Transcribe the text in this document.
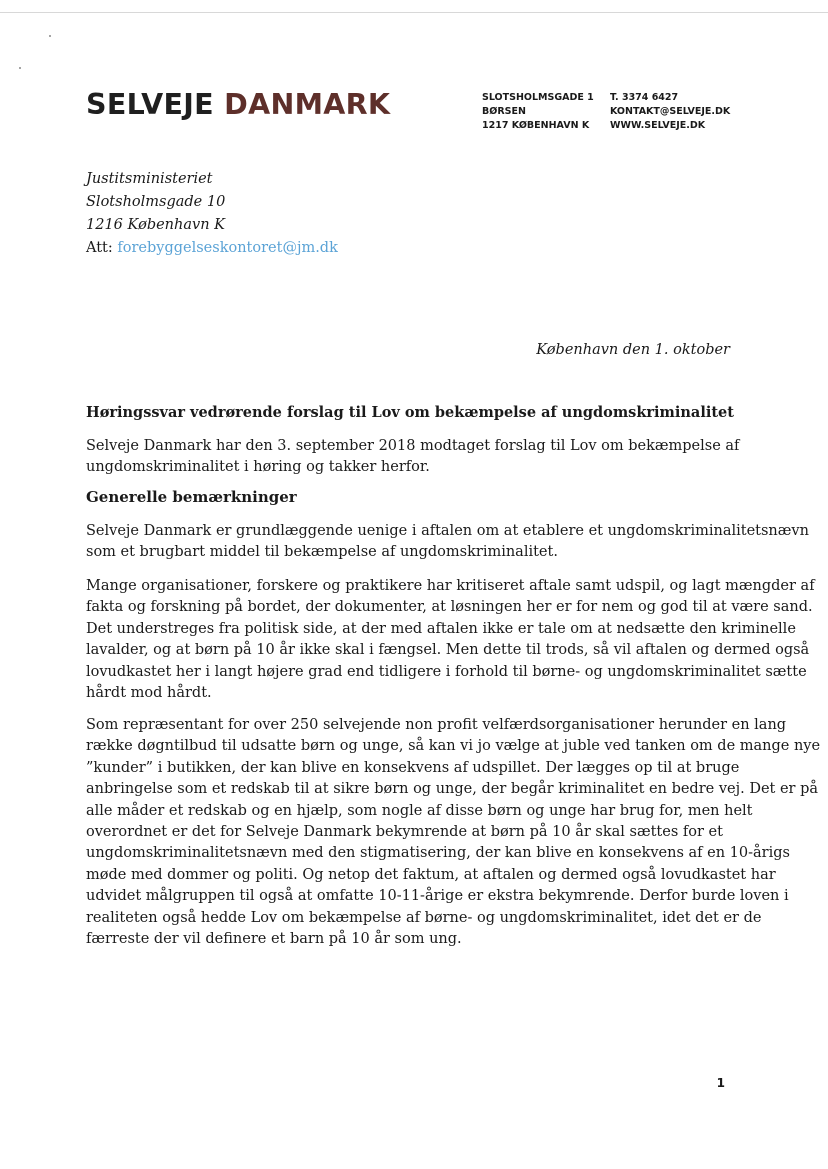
SELVEJE DANMARK	SLOTSHOLMSGADE 1
BØRSEN
1217 KØBENHAVN K
T. 3374 6427
KONTAKT@SELVEJE.DK
WWW.SELVEJE.DK
Justitsministeriet
Slotsholmsgade 10
1216 København K
Att: forebyggelseskontoret@jm.dk
København den 1. oktober
Høringssvar vedrørende forslag til Lov om bekæmpelse af ungdomskriminalitet
Selveje Danmark har den 3. september 2018 modtaget forslag til Lov om bekæmpelse af
ungdomskriminalitet i høring og takker herfor.
Generelle bemærkninger
Selveje Danmark er grundlæggende uenige i aftalen om at etablere et ungdomskriminalitetsnævn
som et brugbart middel til bekæmpelse af ungdomskriminalitet.
Mange organisationer, forskere og praktikere har kritiseret aftale samt udspil, og lagt mængder af
fakta og forskning på bordet, der dokumenter, at løsningen her er for nem og god til at være sand.
Det understreges fra politisk side, at der med aftalen ikke er tale om at nedsætte den kriminelle
lavalder, og at børn på 10 år ikke skal i fængsel. Men dette til trods, så vil aftalen og dermed også
lovudkastet her i langt højere grad end tidligere i forhold til børne- og ungdomskriminalitet sætte
hårdt mod hårdt.
Som repræsentant for over 250 selvejende non profit velfærdsorganisationer herunder en lang
række døgntilbud til udsatte børn og unge, så kan vi jo vælge at juble ved tanken om de mange nye
”kunder” i butikken, der kan blive en konsekvens af udspillet. Der lægges op til at bruge
anbringelse som et redskab til at sikre børn og unge, der begår kriminalitet en bedre vej. Det er på
alle måder et redskab og en hjælp, som nogle af disse børn og unge har brug for, men helt
overordnet er det for Selveje Danmark bekymrende at børn på 10 år skal sættes for et
ungdomskriminalitetsnævn med den stigmatisering, der kan blive en konsekvens af en 10-årigs
møde med dommer og politi. Og netop det faktum, at aftalen og dermed også lovudkastet har
udvidet målgruppen til også at omfatte 10-11-årige er ekstra bekymrende. Derfor burde loven i
realiteten også hedde Lov om bekæmpelse af børne- og ungdomskriminalitet, idet det er de
færreste der vil definere et barn på 10 år som ung.
1
